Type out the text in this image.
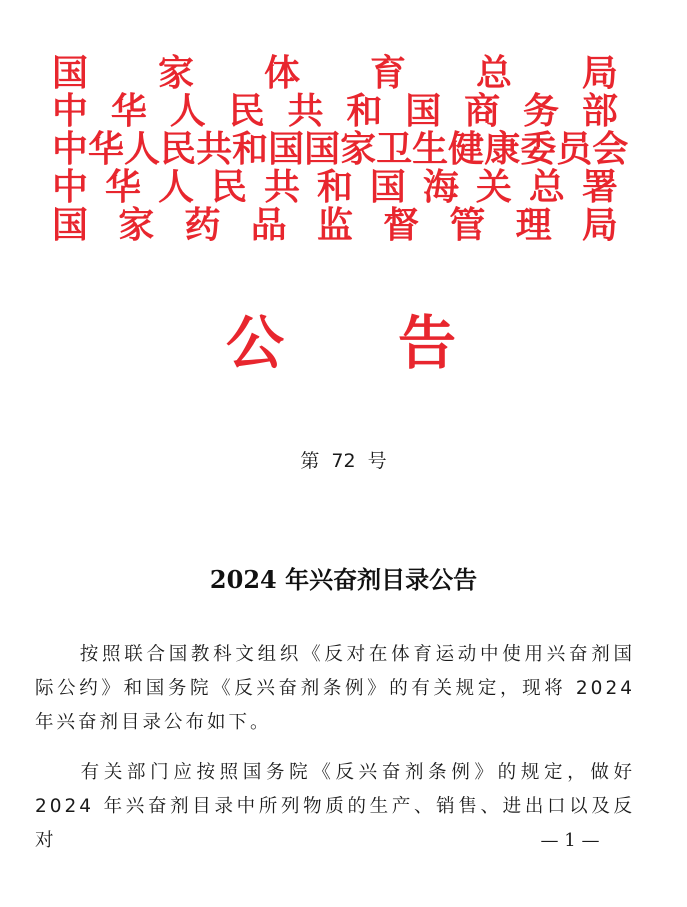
国 家 体 育 总 局
中 华 人 民 共 和 国 商 务 部
中 华 人 民 共 和 国 国 家 卫 生 健 康 委 员 会
中 华 人 民 共 和 国 海 关 总 署
国 家 药 品 监 督 管 理 局
公 告
第 72 号
2024 年兴奋剂目录公告
按照联合国教科文组织《反对在体育运动中使用兴奋剂国际公约》和国务院《反兴奋剂条例》的有关规定，现将 2024 年兴奋剂目录公布如下。
有关部门应按照国务院《反兴奋剂条例》的规定，做好 2024 年兴奋剂目录中所列物质的生产、销售、进出口以及反对	— 1 —
